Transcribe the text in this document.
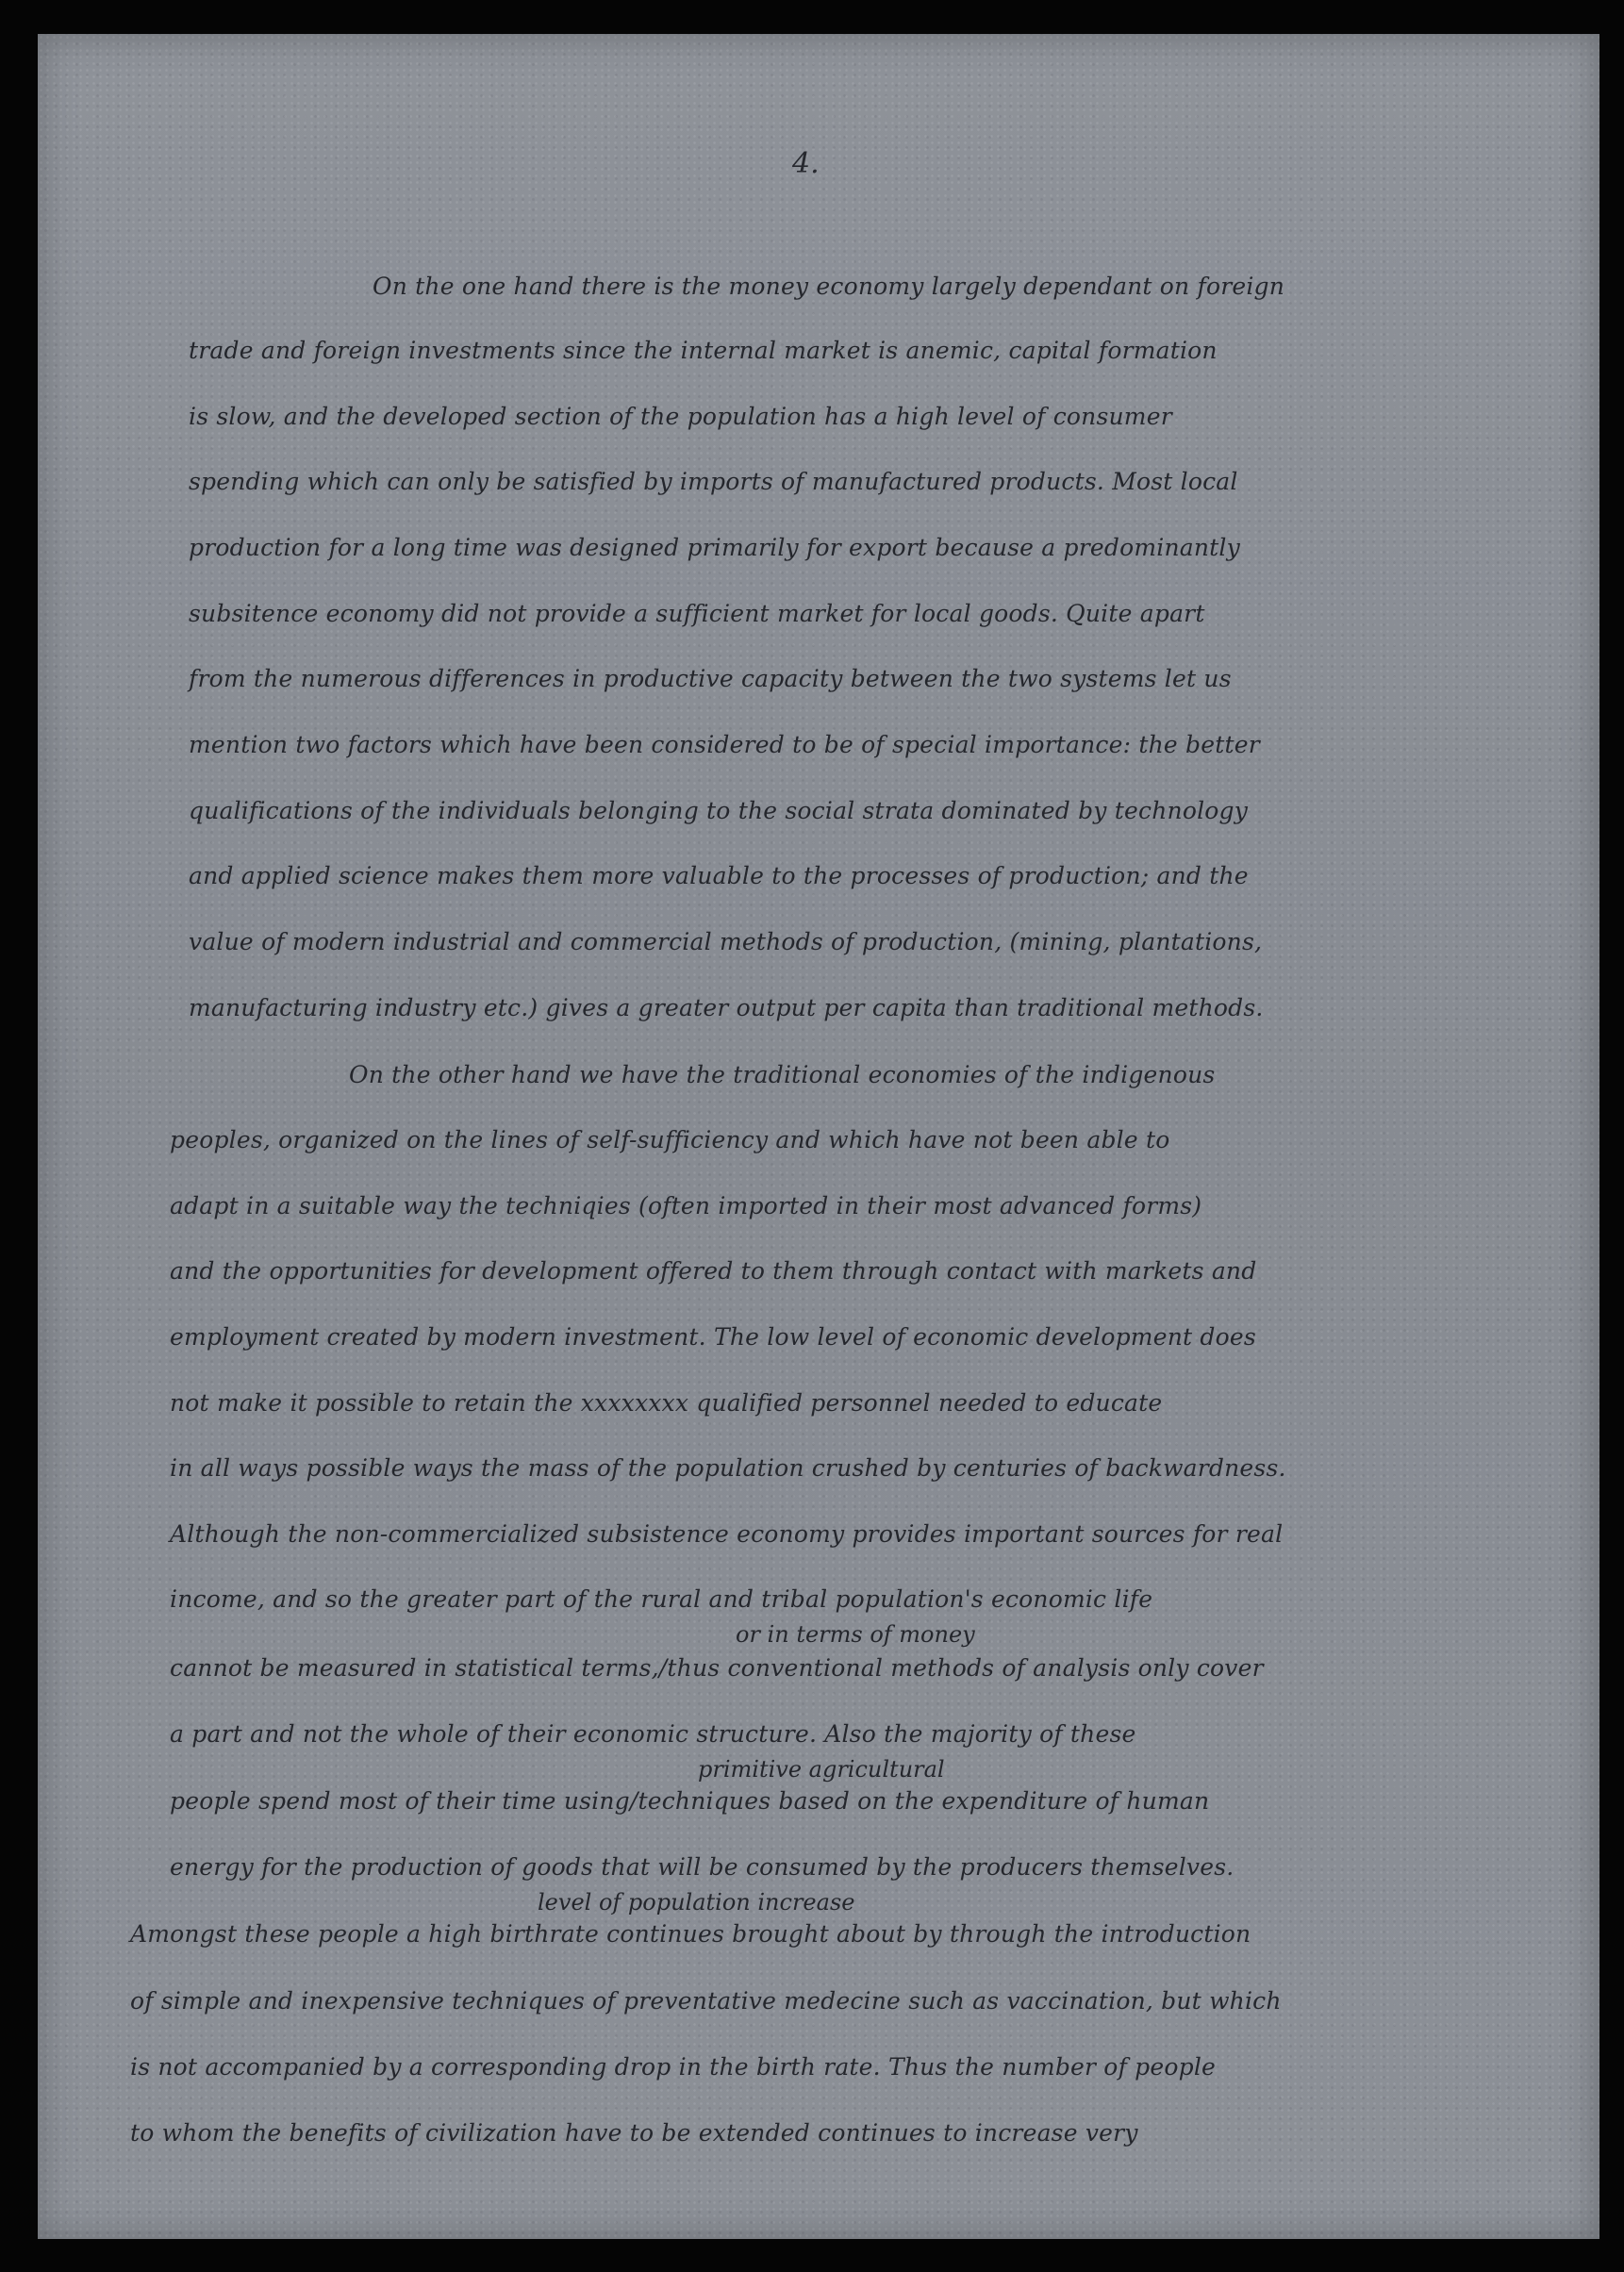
4.
On the one hand there is the money economy largely dependant on foreign
trade and foreign investments since the internal market is anemic, capital formation
is slow, and the developed section of the population has a high level of consumer
spending which can only be satisfied by imports of manufactured products. Most local
production for a long time was designed primarily for export because a predominantly
subsitence economy did not provide a sufficient market for local goods. Quite apart
from the numerous differences in productive capacity between the two systems let us
mention two factors which have been considered to be of special importance: the better
qualifications of the individuals belonging to the social strata dominated by technology
and applied science makes them more valuable to the processes of production; and the
value of modern industrial and commercial methods of production, (mining, plantations,
manufacturing industry etc.) gives a greater output per capita than traditional methods.
On the other hand we have the traditional economies of the indigenous
peoples, organized on the lines of self-sufficiency and which have not been able to
adapt in a suitable way the techniqies (often imported in their most advanced forms)
and the opportunities for development offered to them through contact with markets and
employment created by modern investment. The low level of economic development does
not make it possible to retain the xxxxxxxx qualified personnel needed to educate
in all ways possible ways the mass of the population crushed by centuries of backwardness.
Although the non-commercialized subsistence economy provides important sources for real
income, and so the greater part of the rural and tribal population's economic life
or in terms of money
cannot be measured in statistical terms,/thus conventional methods of analysis only cover
a part and not the whole of their economic structure. Also the majority of these
primitive agricultural
people spend most of their time using/techniques based on the expenditure of human
energy for the production of goods that will be consumed by the producers themselves.
level of population increase
Amongst these people a high birthrate continues brought about by through the introduction
of simple and inexpensive techniques of preventative medecine such as vaccination, but which
is not accompanied by a corresponding drop in the birth rate. Thus the number of people
to whom the benefits of civilization have to be extended continues to increase very
